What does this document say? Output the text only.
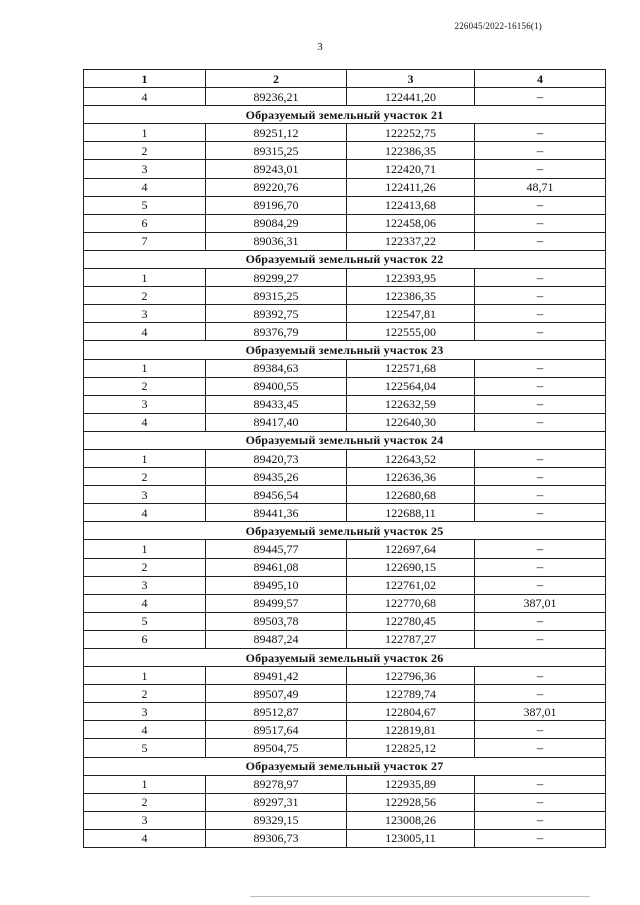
226045/2022-16156(1)
3
1	2	3	4
4	89236,21	122441,20	–
Образуемый земельный участок 21			
1	89251,12	122252,75	–
2	89315,25	122386,35	–
3	89243,01	122420,71	–
4	89220,76	122411,26	48,71
5	89196,70	122413,68	–
6	89084,29	122458,06	–
7	89036,31	122337,22	–
Образуемый земельный участок 22			
1	89299,27	122393,95	–
2	89315,25	122386,35	–
3	89392,75	122547,81	–
4	89376,79	122555,00	–
Образуемый земельный участок 23			
1	89384,63	122571,68	–
2	89400,55	122564,04	–
3	89433,45	122632,59	–
4	89417,40	122640,30	–
Образуемый земельный участок 24			
1	89420,73	122643,52	–
2	89435,26	122636,36	–
3	89456,54	122680,68	–
4	89441,36	122688,11	–
Образуемый земельный участок 25			
1	89445,77	122697,64	–
2	89461,08	122690,15	–
3	89495,10	122761,02	–
4	89499,57	122770,68	387,01
5	89503,78	122780,45	–
6	89487,24	122787,27	–
Образуемый земельный участок 26			
1	89491,42	122796,36	–
2	89507,49	122789,74	–
3	89512,87	122804,67	387,01
4	89517,64	122819,81	–
5	89504,75	122825,12	–
Образуемый земельный участок 27			
1	89278,97	122935,89	–
2	89297,31	122928,56	–
3	89329,15	123008,26	–
4	89306,73	123005,11	–
